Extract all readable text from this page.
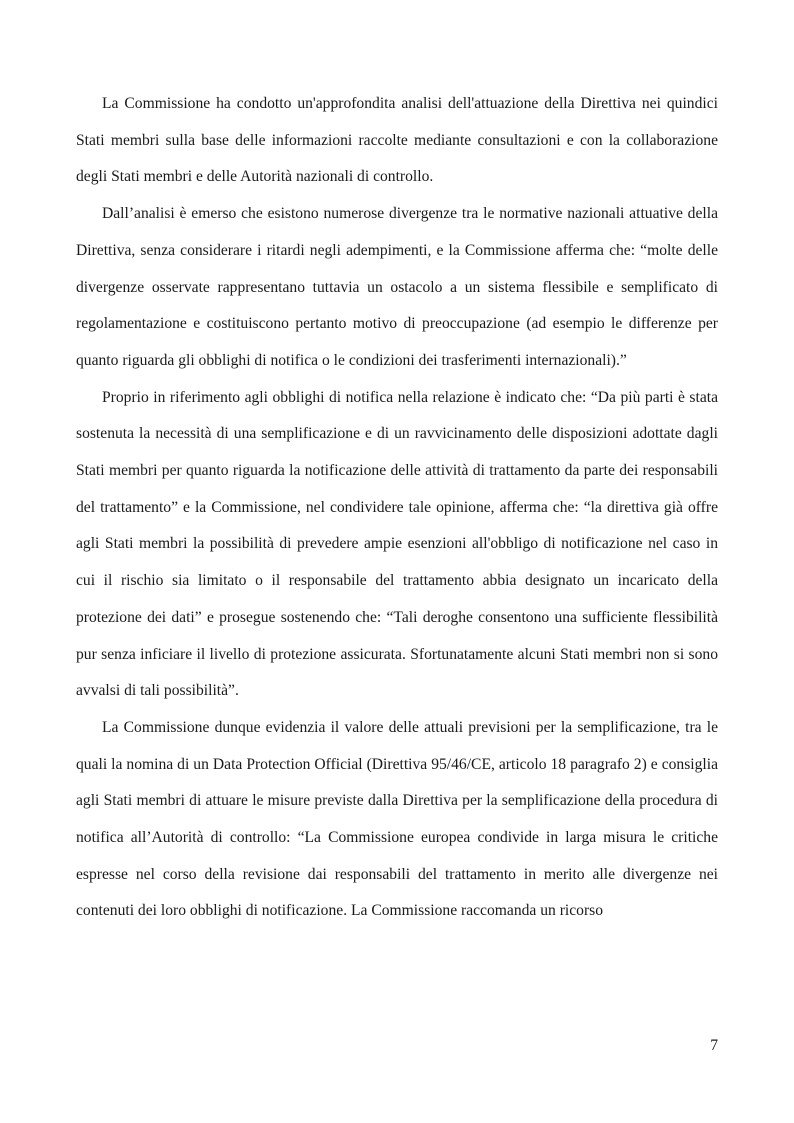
La Commissione ha condotto un'approfondita analisi dell'attuazione della Direttiva nei quindici Stati membri sulla base delle informazioni raccolte mediante consultazioni e con la collaborazione degli Stati membri e delle Autorità nazionali di controllo.

Dall’analisi è emerso che esistono numerose divergenze tra le normative nazionali attuative della Direttiva, senza considerare i ritardi negli adempimenti, e la Commissione afferma che: “molte delle divergenze osservate rappresentano tuttavia un ostacolo a un sistema flessibile e semplificato di regolamentazione e costituiscono pertanto motivo di preoccupazione (ad esempio le differenze per quanto riguarda gli obblighi di notifica o le condizioni dei trasferimenti internazionali).”

Proprio in riferimento agli obblighi di notifica nella relazione è indicato che: “Da più parti è stata sostenuta la necessità di una semplificazione e di un ravvicinamento delle disposizioni adottate dagli Stati membri per quanto riguarda la notificazione delle attività di trattamento da parte dei responsabili del trattamento” e la Commissione, nel condividere tale opinione, afferma che: “la direttiva già offre agli Stati membri la possibilità di prevedere ampie esenzioni all'obbligo di notificazione nel caso in cui il rischio sia limitato o il responsabile del trattamento abbia designato un incaricato della protezione dei dati” e prosegue sostenendo che: “Tali deroghe consentono una sufficiente flessibilità pur senza inficiare il livello di protezione assicurata. Sfortunatamente alcuni Stati membri non si sono avvalsi di tali possibilità”.

La Commissione dunque evidenzia il valore delle attuali previsioni per la semplificazione, tra le quali la nomina di un Data Protection Official (Direttiva 95/46/CE, articolo 18 paragrafo 2) e consiglia agli Stati membri di attuare le misure previste dalla Direttiva per la semplificazione della procedura di notifica all’Autorità di controllo: “La Commissione europea condivide in larga misura le critiche espresse nel corso della revisione dai responsabili del trattamento in merito alle divergenze nei contenuti dei loro obblighi di notificazione. La Commissione raccomanda un ricorso

7
